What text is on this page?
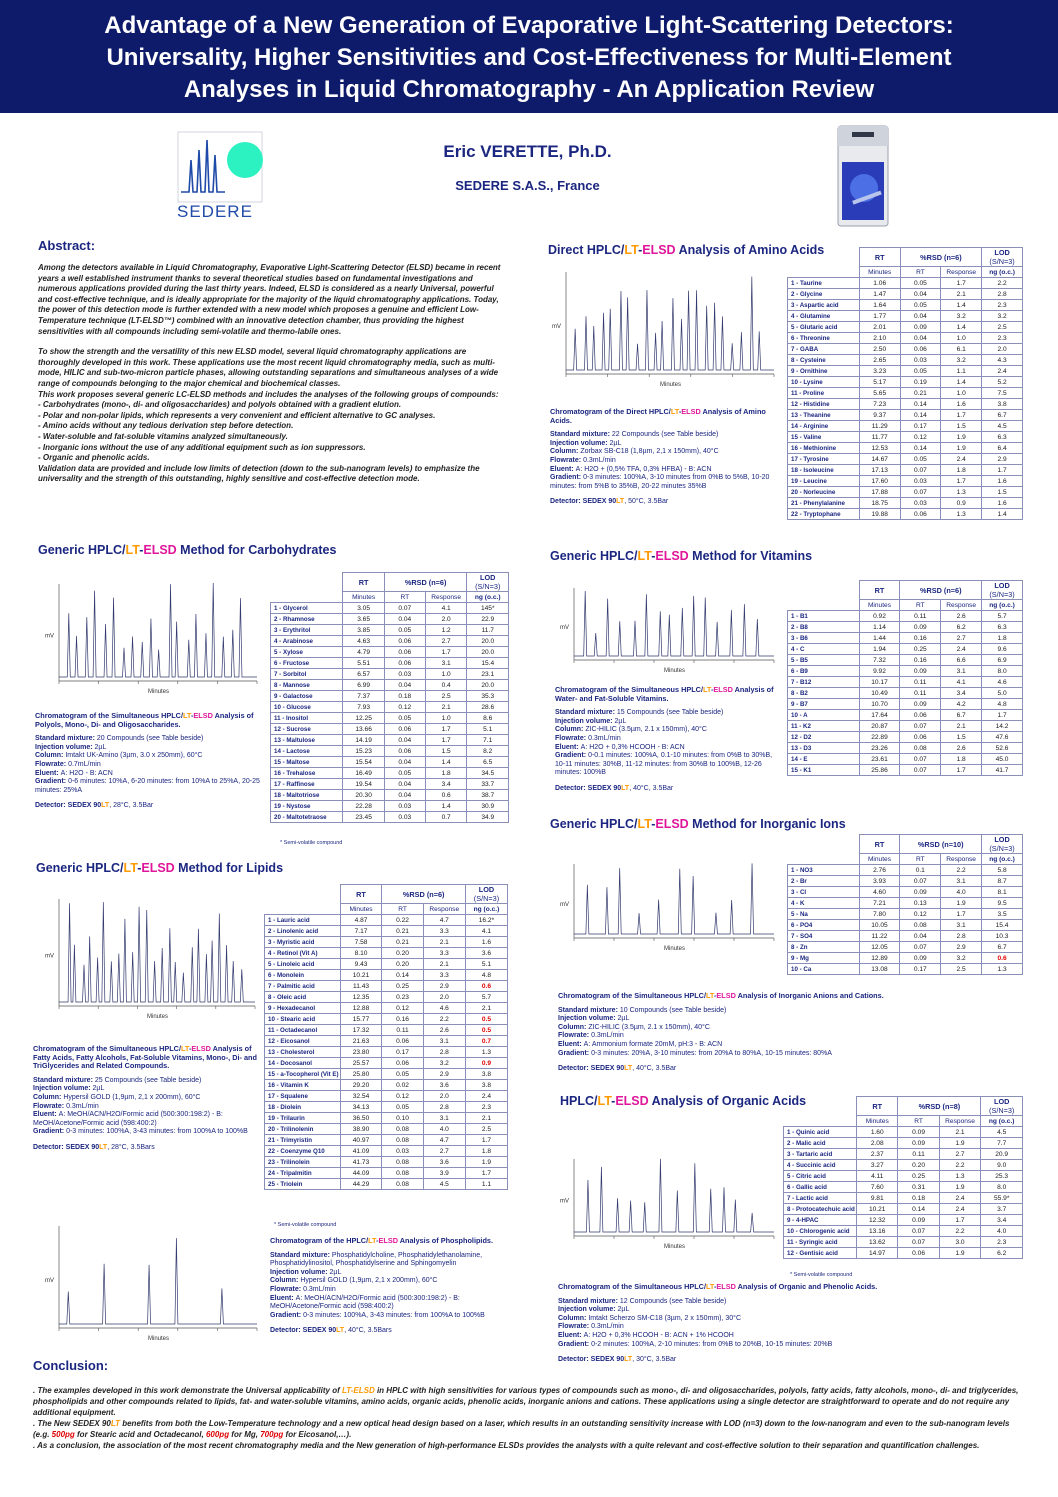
Advantage of a New Generation of Evaporative Light-Scattering Detectors:
Universality, Higher Sensitivities and Cost-Effectiveness for Multi-Element
Analyses in Liquid Chromatography - An Application Review
SEDERE
Eric VERETTE, Ph.D.
SEDERE S.A.S., France
Abstract:

Among the detectors available in Liquid Chromatography, Evaporative Light-Scattering Detector (ELSD) became in recent years a well established instrument thanks to several theoretical studies based on fundamental investigations and numerous applications provided during the last thirty years. Indeed, ELSD is considered as a nearly Universal, powerful and cost-effective technique, and is ideally appropriate for the majority of the liquid chromatography applications. Today, the power of this detection mode is further extended with a new model which proposes a genuine and efficient Low-Temperature technique (LT-ELSD™) combined with an innovative detection chamber, thus providing the highest sensitivities with all compounds including semi-volatile and thermo-labile ones.

To show the strength and the versatility of this new ELSD model, several liquid chromatography applications are thoroughly developed in this work. These applications use the most recent liquid chromatography media, such as multi-mode, HILIC and sub-two-micron particle phases, allowing outstanding separations and simultaneous analyses of a wide range of compounds belonging to the major chemical and biochemical classes.

This work proposes several generic LC-ELSD methods and includes the analyses of the following groups of compounds:

- Carbohydrates (mono-, di- and oligosaccharides) and polyols obtained with a gradient elution.

- Polar and non-polar lipids, which represents a very convenient and efficient alternative to GC analyses.

- Amino acids without any tedious derivation step before detection.

- Water-soluble and fat-soluble vitamins analyzed simultaneously.

- Inorganic ions without the use of any additional equipment such as ion suppressors.

- Organic and phenolic acids.

Validation data are provided and include low limits of detection (down to the sub-nanogram levels) to emphasize the universality and the strength of this outstanding, highly sensitive and cost-effective detection mode.

Direct HPLC/LT-ELSD Analysis of Amino Acids
mV
Minutes
Chromatogram of the Direct HPLC/LT-ELSD Analysis of Amino Acids.
Standard mixture: 22 Compounds (see Table beside)
Injection volume: 2µL
Column: Zorbax SB-C18 (1,8µm, 2,1 x 150mm), 40°C
Flowrate: 0.3mL/min
Eluent: A: H2O + (0,5% TFA, 0,3% HFBA) - B: ACN
Gradient: 0-3 minutes: 100%A, 3-10 minutes from 0%B to 5%B, 10-20 minutes: from 5%B to 35%B, 20-22 minutes 35%B
Detector: SEDEX 90LT, 50°C, 3.5Bar
	RT	%RSD (n=6)		LOD
(S/N=3)
	Minutes	RT	Response	ng (o.c.)
1 - Taurine	1.06	0.05	1.7	2.2
2 - Glycine	1.47	0.04	2.1	2.8
3 - Aspartic acid	1.64	0.05	1.4	2.3
4 - Glutamine	1.77	0.04	3.2	3.2
5 - Glutaric acid	2.01	0.09	1.4	2.5
6 - Threonine	2.10	0.04	1.0	2.3
7 - GABA	2.50	0.06	6.1	2.0
8 - Cysteine	2.65	0.03	3.2	4.3
9 - Ornithine	3.23	0.05	1.1	2.4
10 - Lysine	5.17	0.19	1.4	5.2
11 - Proline	5.65	0.21	1.0	7.5
12 - Histidine	7.23	0.14	1.6	3.8
13 - Theanine	9.37	0.14	1.7	6.7
14 - Arginine	11.29	0.17	1.5	4.5
15 - Valine	11.77	0.12	1.9	6.3
16 - Methionine	12.53	0.14	1.9	6.4
17 - Tyrosine	14.67	0.05	2.4	2.9
18 - Isoleucine	17.13	0.07	1.8	1.7
19 - Leucine	17.60	0.03	1.7	1.6
20 - Norleucine	17.88	0.07	1.3	1.5
21 - Phenylalanine	18.75	0.03	0.9	1.6
22 - Tryptophane	19.88	0.06	1.3	1.4
Generic HPLC/LT-ELSD Method for Carbohydrates
mV
Minutes
Chromatogram of the Simultaneous HPLC/LT-ELSD Analysis of Polyols, Mono-, Di- and Oligosaccharides.
Standard mixture: 20 Compounds (see Table beside)
Injection volume: 2µL
Column: Imtakt UK-Amino (3µm, 3.0 x 250mm), 60°C
Flowrate: 0.7mL/min
Eluent: A: H2O - B: ACN
Gradient: 0-6 minutes: 10%A, 6-20 minutes: from 10%A to 25%A, 20-25 minutes: 25%A
Detector: SEDEX 90LT, 28°C, 3.5Bar
	RT	%RSD (n=6)		LOD
(S/N=3)
	Minutes	RT	Response	ng (o.c.)
1 - Glycerol	3.05	0.07	4.1	145*
2 - Rhamnose	3.65	0.04	2.0	22.9
3 - Erythritol	3.85	0.05	1.2	11.7
4 - Arabinose	4.63	0.06	2.7	20.0
5 - Xylose	4.79	0.06	1.7	20.0
6 - Fructose	5.51	0.06	3.1	15.4
7 - Sorbitol	6.57	0.03	1.0	23.1
8 - Mannose	6.99	0.04	0.4	20.0
9 - Galactose	7.37	0.18	2.5	35.3
10 - Glucose	7.93	0.12	2.1	28.6
11 - Inositol	12.25	0.05	1.0	8.6
12 - Sucrose	13.66	0.06	1.7	5.1
13 - Maltulose	14.19	0.04	1.7	7.1
14 - Lactose	15.23	0.06	1.5	8.2
15 - Maltose	15.54	0.04	1.4	6.5
16 - Trehalose	16.49	0.05	1.8	34.5
17 - Raffinose	19.54	0.04	3.4	33.7
18 - Maltotriose	20.30	0.04	0.6	38.7
19 - Nystose	22.28	0.03	1.4	30.9
20 - Maltotetraose	23.45	0.03	0.7	34.9
* Semi-volatile compound
Generic HPLC/LT-ELSD Method for Vitamins
mV
Minutes
Chromatogram of the Simultaneous HPLC/LT-ELSD Analysis of Water- and Fat-Soluble Vitamins.
Standard mixture: 15 Compounds (see Table beside)
Injection volume: 2µL
Column: ZIC-HILIC (3.5µm, 2.1 x 150mm), 40°C
Flowrate: 0.3mL/min
Eluent: A: H2O + 0,3% HCOOH - B: ACN
Gradient: 0-0.1 minutes: 100%A, 0.1-10 minutes: from 0%B to 30%B, 10-11 minutes: 30%B, 11-12 minutes: from 30%B to 100%B, 12-26 minutes: 100%B
Detector: SEDEX 90LT, 40°C, 3.5Bar
	RT	%RSD (n=6)		LOD
(S/N=3)
	Minutes	RT	Response	ng (o.c.)
1 - B1	0.92	0.11	2.6	5.7
2 - B8	1.14	0.09	6.2	6.3
3 - B6	1.44	0.16	2.7	1.8
4 - C	1.94	0.25	2.4	9.6
5 - B5	7.32	0.16	6.6	6.9
6 - B9	9.92	0.09	3.1	8.0
7 - B12	10.17	0.11	4.1	4.6
8 - B2	10.49	0.11	3.4	5.0
9 - B7	10.70	0.09	4.2	4.8
10 - A	17.64	0.06	6.7	1.7
11 - K2	20.87	0.07	2.1	14.2
12 - D2	22.89	0.06	1.5	47.6
13 - D3	23.26	0.08	2.6	52.6
14 - E	23.61	0.07	1.8	45.0
15 - K1	25.86	0.07	1.7	41.7
Generic HPLC/LT-ELSD Method for Inorganic Ions
mV
Minutes
Chromatogram of the Simultaneous HPLC/LT-ELSD Analysis of Inorganic Anions and Cations.
Standard mixture: 10 Compounds (see Table beside)
Injection volume: 2µL
Column: ZIC-HILIC (3.5µm, 2.1 x 150mm), 40°C
Flowrate: 0.3mL/min
Eluent: A: Ammonium formate 20mM, pH:3 - B: ACN
Gradient: 0-3 minutes: 20%A, 3-10 minutes: from 20%A to 80%A, 10-15 minutes: 80%A
Detector: SEDEX 90LT, 40°C, 3.5Bar
	RT	%RSD (n=10)		LOD
(S/N=3)
	Minutes	RT	Response	ng (o.c.)
1 - NO3	2.76	0.1	2.2	5.8
2 - Br	3.93	0.07	3.1	8.7
3 - Cl	4.60	0.09	4.0	8.1
4 - K	7.21	0.13	1.9	9.5
5 - Na	7.80	0.12	1.7	3.5
6 - PO4	10.05	0.08	3.1	15.4
7 - SO4	11.22	0.04	2.8	10.3
8 - Zn	12.05	0.07	2.9	6.7
9 - Mg	12.89	0.09	3.2	0.6
10 - Ca	13.08	0.17	2.5	1.3
Generic HPLC/LT-ELSD Method for Lipids
mV
Minutes
Chromatogram of the Simultaneous HPLC/LT-ELSD Analysis of Fatty Acids, Fatty Alcohols, Fat-Soluble Vitamins, Mono-, Di- and TriGlycerides and Related Compounds.
Standard mixture: 25 Compounds (see Table beside)
Injection volume: 2µL
Column: Hypersil GOLD (1,9µm, 2,1 x 200mm), 60°C
Flowrate: 0.3mL/min
Eluent: A: MeOH/ACN/H2O/Formic acid (500:300:198:2) - B: MeOH/Acetone/Formic acid (598:400:2)
Gradient: 0-3 minutes: 100%A, 3-43 minutes: from 100%A to 100%B
Detector: SEDEX 90LT, 28°C, 3.5Bars
mV
Minutes
Chromatogram of the HPLC/LT-ELSD Analysis of Phospholipids.
Standard mixture: Phosphatidylcholine, Phosphatidylethanolamine, Phosphatidylinositol, Phosphatidylserine and Sphingomyelin
Injection volume: 2µL
Column: Hypersil GOLD (1,9µm, 2,1 x 200mm), 60°C
Flowrate: 0.3mL/min
Eluent: A: MeOH/ACN/H2O/Formic acid (500:300:198:2) - B: MeOH/Acetone/Formic acid (598:400:2)
Gradient: 0-3 minutes: 100%A, 3-43 minutes: from 100%A to 100%B
Detector: SEDEX 90LT, 40°C, 3.5Bars
	RT	%RSD (n=6)		LOD
(S/N=3)
	Minutes	RT	Response	ng (o.c.)
1 - Lauric acid	4.87	0.22	4.7	16.2*
2 - Linolenic acid	7.17	0.21	3.3	4.1
3 - Myristic acid	7.58	0.21	2.1	1.6
4 - Retinol (Vit A)	8.10	0.20	3.3	3.6
5 - Linoleic acid	9.43	0.20	2.1	5.1
6 - Monolein	10.21	0.14	3.3	4.8
7 - Palmitic acid	11.43	0.25	2.9	0.6
8 - Oleic acid	12.35	0.23	2.0	5.7
9 - Hexadecanol	12.88	0.12	4.6	2.1
10 - Stearic acid	15.77	0.16	2.2	0.5
11 - Octadecanol	17.32	0.11	2.6	0.5
12 - Eicosanol	21.63	0.06	3.1	0.7
13 - Cholesterol	23.80	0.17	2.8	1.3
14 - Docosanol	25.57	0.06	3.2	0.9
15 - a-Tocopherol (Vit E)	25.80	0.05	2.9	3.8
16 - Vitamin K	29.20	0.02	3.6	3.8
17 - Squalene	32.54	0.12	2.0	2.4
18 - Diolein	34.13	0.05	2.8	2.3
19 - Trilaurin	36.50	0.10	3.1	2.1
20 - Trilinolenin	38.90	0.08	4.0	2.5
21 - Trimyristin	40.97	0.08	4.7	1.7
22 - Coenzyme Q10	41.09	0.03	2.7	1.8
23 - Trilinolein	41.73	0.08	3.6	1.9
24 - Tripalmitin	44.09	0.08	3.9	1.7
25 - Triolein	44.29	0.08	4.5	1.1
* Semi-volatile compound
HPLC/LT-ELSD Analysis of Organic Acids
mV
Minutes
Chromatogram of the Simultaneous HPLC/LT-ELSD Analysis of Organic and Phenolic Acids.
Standard mixture: 12 Compounds (see Table beside)
Injection volume: 2µL
Column: Imtakt Scherzo SM-C18 (3µm, 2 x 150mm), 30°C
Flowrate: 0.3mL/min
Eluent: A: H2O + 0,3% HCOOH - B: ACN + 1% HCOOH
Gradient: 0-2 minutes: 100%A, 2-10 minutes: from 0%B to 20%B, 10-15 minutes: 20%B
Detector: SEDEX 90LT, 30°C, 3.5Bar
	RT	%RSD (n=8)		LOD
(S/N=3)
	Minutes	RT	Response	ng (o.c.)
1 - Quinic acid	1.60	0.09	2.1	4.5
2 - Malic acid	2.08	0.09	1.9	7.7
3 - Tartaric acid	2.37	0.11	2.7	20.9
4 - Succinic acid	3.27	0.20	2.2	9.0
5 - Citric acid	4.11	0.25	1.3	25.3
6 - Gallic acid	7.60	0.31	1.9	8.0
7 - Lactic acid	9.81	0.18	2.4	55.9*
8 - Protocatechuic acid	10.21	0.14	2.4	3.7
9 - 4-HPAC	12.32	0.09	1.7	3.4
10 - Chlorogenic acid	13.16	0.07	2.2	4.0
11 - Syringic acid	13.62	0.07	3.0	2.3
12 - Gentisic acid	14.97	0.06	1.9	6.2
* Semi-volatile compound
Conclusion:

. The examples developed in this work demonstrate the Universal applicability of LT-ELSD in HPLC with high sensitivities for various types of compounds such as mono-, di- and oligosaccharides, polyols, fatty acids, fatty alcohols, mono-, di- and triglycerides, phospholipids and other compounds related to lipids, fat- and water-soluble vitamins, amino acids, organic acids, phenolic acids, inorganic anions and cations. These applications using a single detector are straightforward to operate and do not require any additional equipment.

. The New SEDEX 90LT benefits from both the Low-Temperature technology and a new optical head design based on a laser, which results in an outstanding sensitivity increase with LOD (n=3) down to the low-nanogram and even to the sub-nanogram levels (e.g. 500pg for Stearic acid and Octadecanol, 600pg for Mg, 700pg for Eicosanol,…).

. As a conclusion, the association of the most recent chromatography media and the New generation of high-performance ELSDs provides the analysts with a quite relevant and cost-effective solution to their separation and quantification challenges.
